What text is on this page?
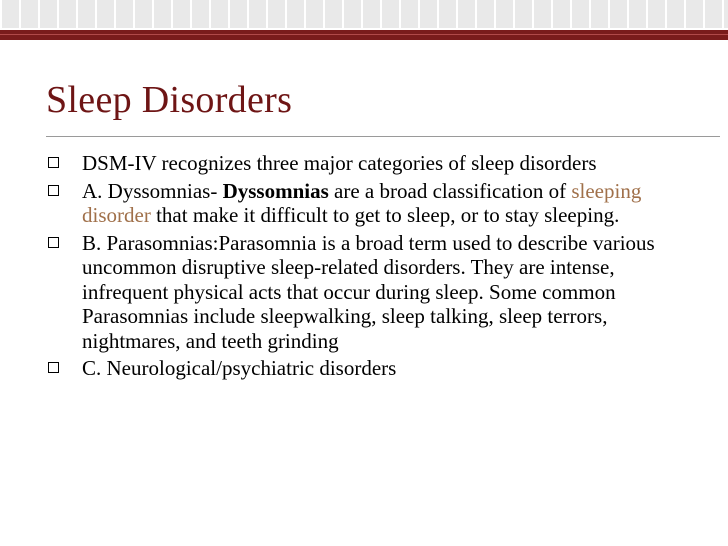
Sleep Disorders
DSM-IV recognizes three major categories of sleep disorders
A. Dyssomnias- Dyssomnias are a broad classification of sleeping disorder that make it difficult to get to sleep, or to stay sleeping.
B. Parasomnias:Parasomnia is a broad term used to describe various uncommon disruptive sleep-related disorders. They are intense, infrequent physical acts that occur during sleep. Some common Parasomnias include sleepwalking, sleep talking, sleep terrors, nightmares, and teeth grinding
C. Neurological/psychiatric disorders
